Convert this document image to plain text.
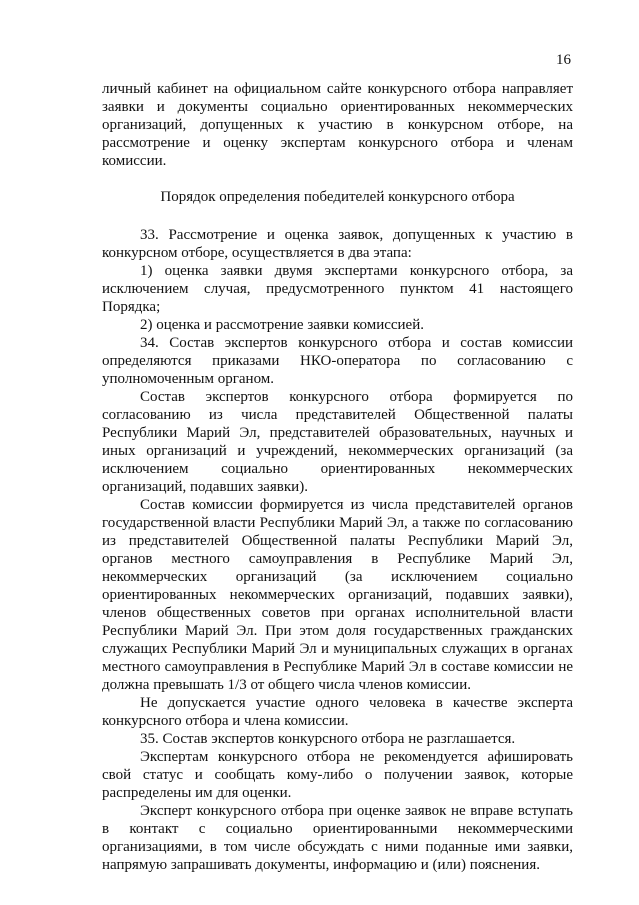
16

личный кабинет на официальном сайте конкурсного отбора направляет заявки и документы социально ориентированных некоммерческих организаций, допущенных к участию в конкурсном отборе, на рассмотрение и оценку экспертам конкурсного отбора и членам комиссии.

Порядок определения победителей конкурсного отбора

33. Рассмотрение и оценка заявок, допущенных к участию в конкурсном отборе, осуществляется в два этапа:

1) оценка заявки двумя экспертами конкурсного отбора, за исключением случая, предусмотренного пунктом 41 настоящего Порядка;

2) оценка и рассмотрение заявки комиссией.

34. Состав экспертов конкурсного отбора и состав комиссии определяются приказами НКО-оператора по согласованию с уполномоченным органом.

Состав экспертов конкурсного отбора формируется по согласованию из числа представителей Общественной палаты Республики Марий Эл, представителей образовательных, научных и иных организаций и учреждений, некоммерческих организаций (за исключением социально ориентированных некоммерческих организаций, подавших заявки).

Состав комиссии формируется из числа представителей органов государственной власти Республики Марий Эл, а также по согласованию из представителей Общественной палаты Республики Марий Эл, органов местного самоуправления в Республике Марий Эл, некоммерческих организаций (за исключением социально ориентированных некоммерческих организаций, подавших заявки), членов общественных советов при органах исполнительной власти Республики Марий Эл. При этом доля государственных гражданских служащих Республики Марий Эл и муниципальных служащих в органах местного самоуправления в Республике Марий Эл в составе комиссии не должна превышать 1/3 от общего числа членов комиссии.

Не допускается участие одного человека в качестве эксперта конкурсного отбора и члена комиссии.

35. Состав экспертов конкурсного отбора не разглашается.

Экспертам конкурсного отбора не рекомендуется афишировать свой статус и сообщать кому-либо о получении заявок, которые распределены им для оценки.

Эксперт конкурсного отбора при оценке заявок не вправе вступать в контакт с социально ориентированными некоммерческими организациями, в том числе обсуждать с ними поданные ими заявки, напрямую запрашивать документы, информацию и (или) пояснения.
